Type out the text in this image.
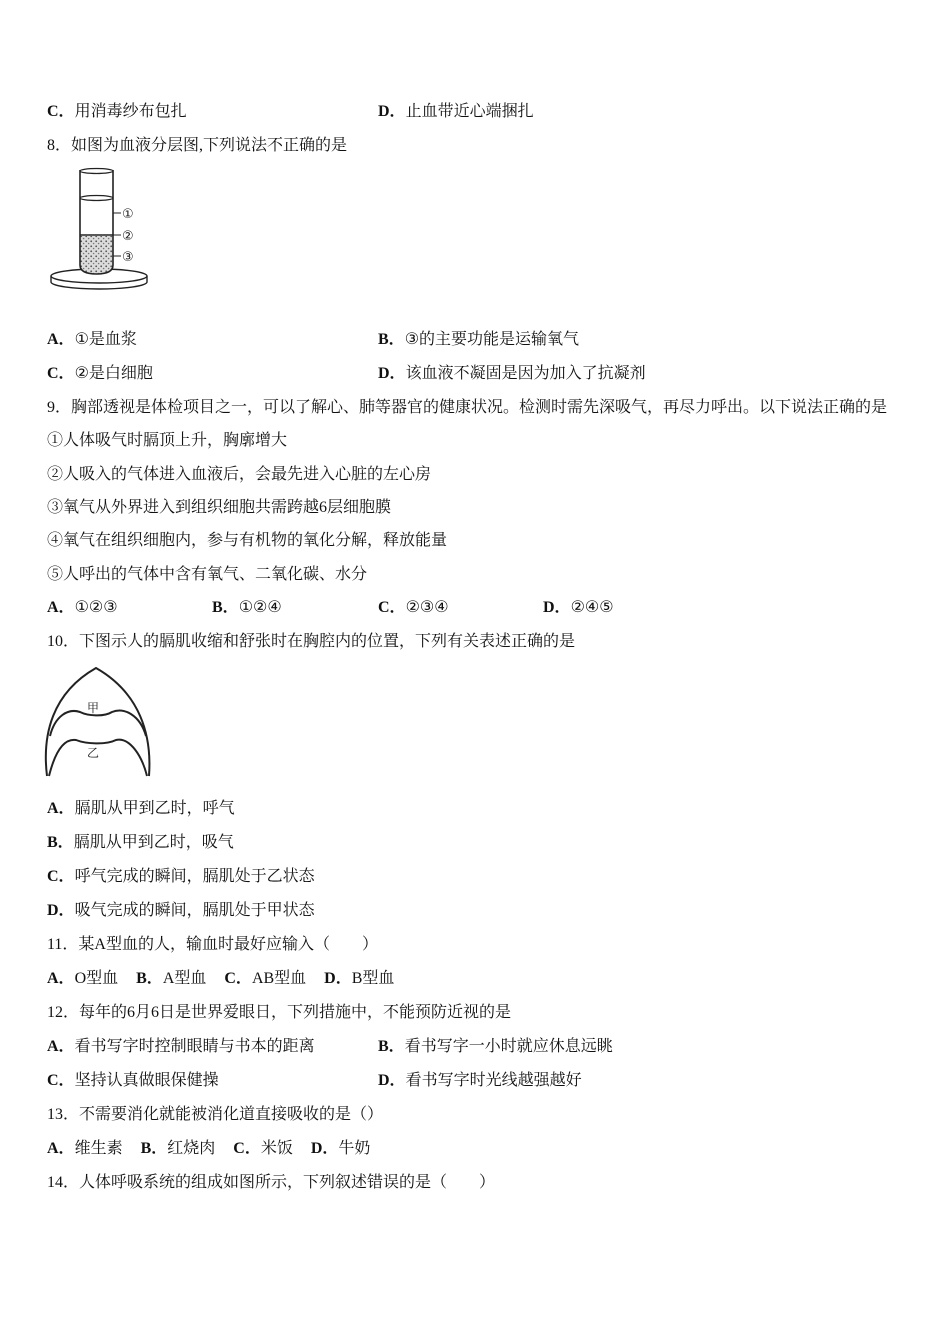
C．用消毒纱布包扎	D．止血带近心端捆扎
8．如图为血液分层图,下列说法不正确的是
①
②
③
A．①是血浆	B．③的主要功能是运输氧气
C．②是白细胞	D．该血液不凝固是因为加入了抗凝剂
9．胸部透视是体检项目之一，可以了解心、肺等器官的健康状况。检测时需先深吸气，再尽力呼出。以下说法正确的是
①人体吸气时膈顶上升，胸廓增大
②人吸入的气体进入血液后，会最先进入心脏的左心房
③氧气从外界进入到组织细胞共需跨越6层细胞膜
④氧气在组织细胞内，参与有机物的氧化分解，释放能量
⑤人呼出的气体中含有氧气、二氧化碳、水分
A．①②③	B．①②④	C．②③④	D．②④⑤
10．下图示人的膈肌收缩和舒张时在胸腔内的位置，下列有关表述正确的是
甲
乙
A．膈肌从甲到乙时，呼气
B．膈肌从甲到乙时，吸气
C．呼气完成的瞬间，膈肌处于乙状态
D．吸气完成的瞬间，膈肌处于甲状态
11．某A型血的人，输血时最好应输入（　　）
A．O型血 B．A型血 C．AB型血 D．B型血
12．每年的6月6日是世界爱眼日，下列措施中，不能预防近视的是
A．看书写字时控制眼睛与书本的距离	B．看书写字一小时就应休息远眺
C．坚持认真做眼保健操	D．看书写字时光线越强越好
13．不需要消化就能被消化道直接吸收的是（）
A．维生素 B．红烧肉 C．米饭 D．牛奶
14．人体呼吸系统的组成如图所示，下列叙述错误的是（　　）
